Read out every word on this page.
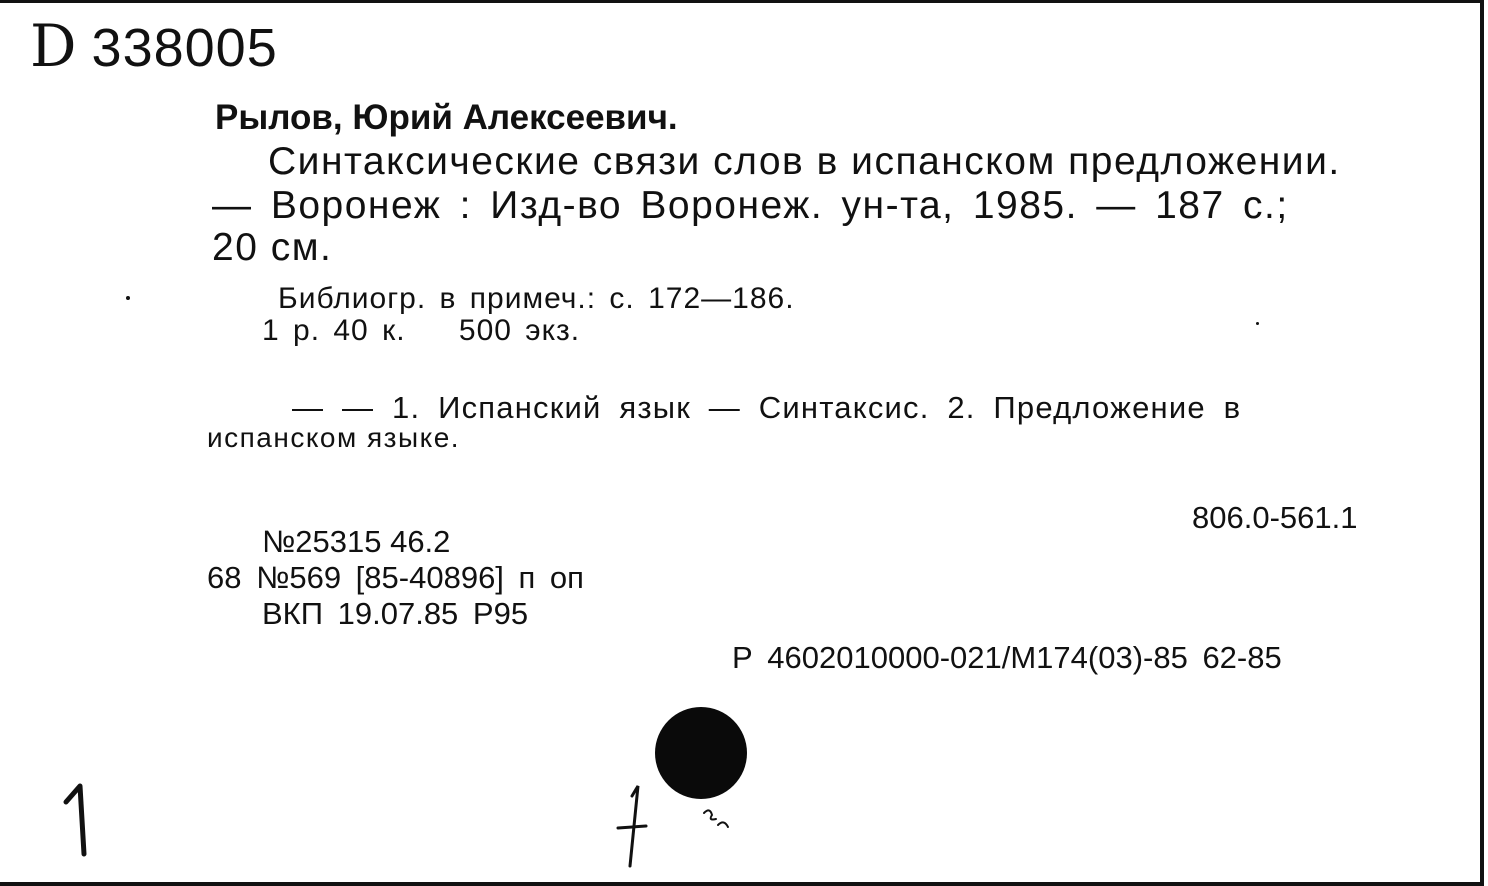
D 338005
Рылов, Юрий Алексеевич.
Синтаксические связи слов в испанском предложении.
— Воронеж : Изд-во Воронеж. ун-та, 1985. — 187 с.;
20 см.
Библиогр. в примеч.: с. 172—186.
1 р. 40 к.    500 экз.
— — 1. Испанский язык — Синтаксис. 2. Предложение в
испанском языке.
806.0-561.1
№25315 46.2
68 №569 [85-40896] п оп
ВКП 19.07.85 Р95
Р 4602010000-021/М174(03)-85 62-85
